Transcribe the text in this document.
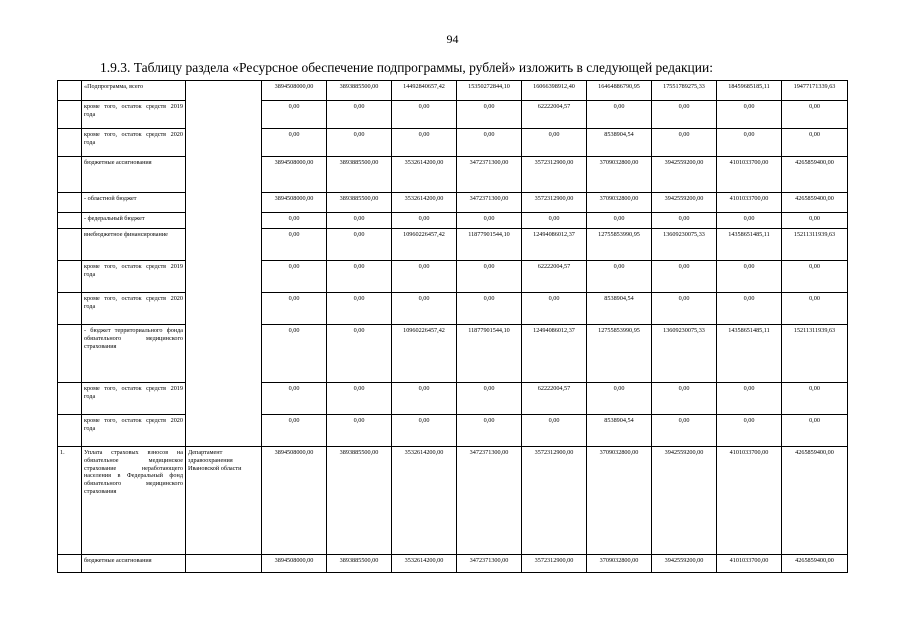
94
1.9.3. Таблицу раздела «Ресурсное обеспечение подпрограммы, рублей» изложить в следующей редакции:
	«Подпрограмма, всего		3894508000,00	3893885500,00	14492840657,42	15350272844,10	16066398912,40	16464886790,95	17551789275,33	18459685185,11	19477171339,63
	кроме того, остаток средств 2019 года		0,00	0,00	0,00	0,00	62222004,57	0,00	0,00	0,00	0,00
	кроме того, остаток средств 2020 года		0,00	0,00	0,00	0,00	0,00	8538904,54	0,00	0,00	0,00
	бюджетные ассигнования		3894508000,00	3893885500,00	3532614200,00	3472371300,00	3572312900,00	3709032800,00	3942559200,00	4101033700,00	4265859400,00
	- областной бюджет		3894508000,00	3893885500,00	3532614200,00	3472371300,00	3572312900,00	3709032800,00	3942559200,00	4101033700,00	4265859400,00
	- федеральный бюджет		0,00	0,00	0,00	0,00	0,00	0,00	0,00	0,00	0,00
	внебюджетное финансирование		0,00	0,00	10960226457,42	11877901544,10	12494086012,37	12755853990,95	13609230075,33	14358651485,11	15211311939,63
	кроме того, остаток средств 2019 года		0,00	0,00	0,00	0,00	62222004,57	0,00	0,00	0,00	0,00
	кроме того, остаток средств 2020 года		0,00	0,00	0,00	0,00	0,00	8538904,54	0,00	0,00	0,00
	- бюджет территориального фонда обязательного медицинского страхования		0,00	0,00	10960226457,42	11877901544,10	12494086012,37	12755853990,95	13609230075,33	14358651485,11	15211311939,63
	кроме того, остаток средств 2019 года		0,00	0,00	0,00	0,00	62222004,57	0,00	0,00	0,00	0,00
	кроме того, остаток средств 2020 года		0,00	0,00	0,00	0,00	0,00	8538904,54	0,00	0,00	0,00
1.	Уплата страховых взносов на обязательное медицинское страхование неработающего населения в Федеральный фонд обязательного медицинского страхования	Департамент здравоохранения Ивановской области	3894508000,00	3893885500,00	3532614200,00	3472371300,00	3572312900,00	3709032800,00	3942559200,00	4101033700,00	4265859400,00
	бюджетные ассигнования		3894508000,00	3893885500,00	3532614200,00	3472371300,00	3572312900,00	3709032800,00	3942559200,00	4101033700,00	4265859400,00
